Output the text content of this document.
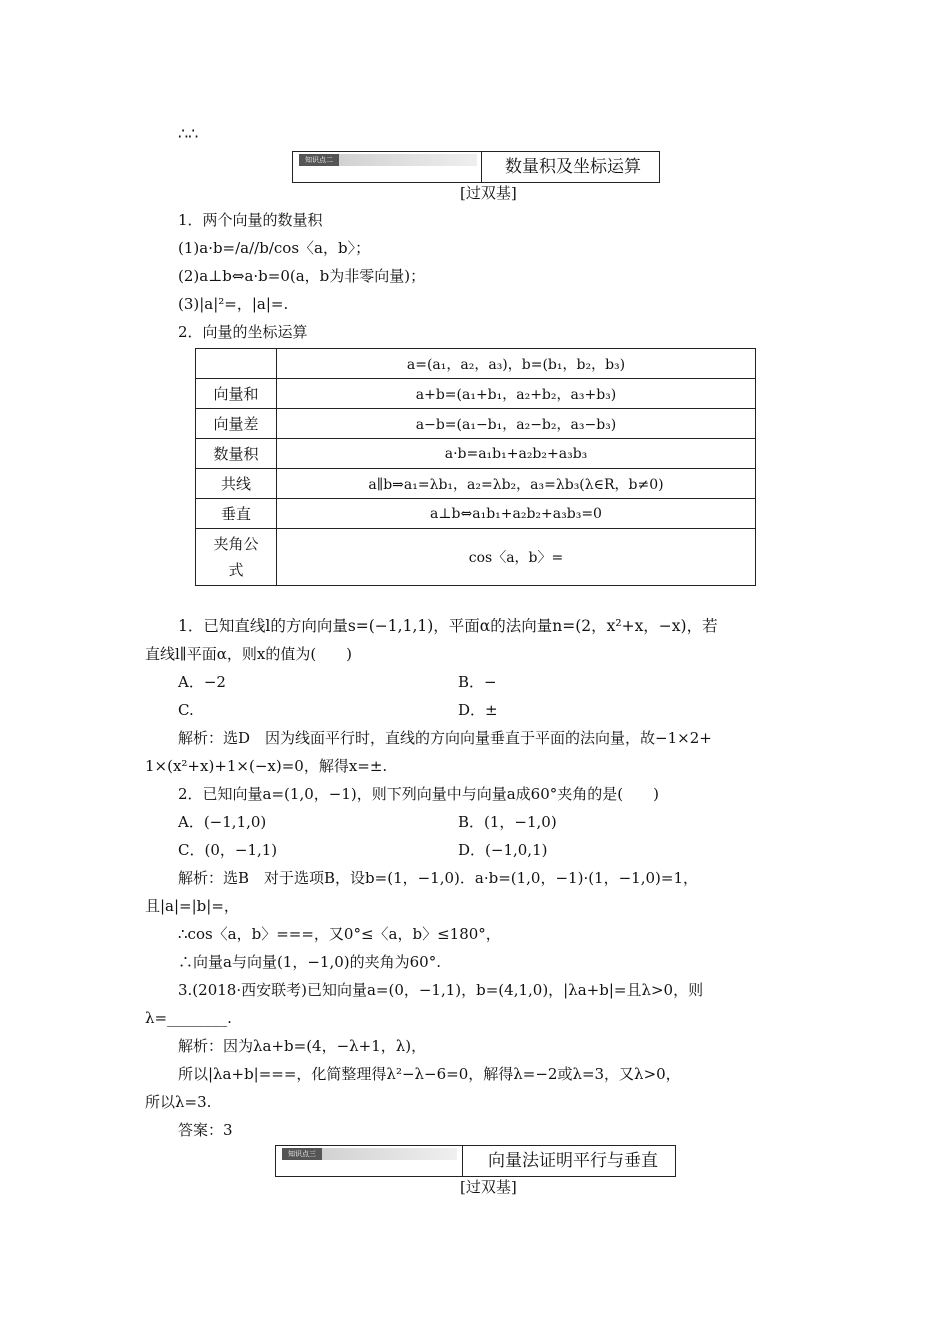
∴∴
知识点二	数量积及坐标运算
[过双基]
1．两个向量的数量积
(1)a·b=/a//b/cos〈a，b〉；
(2)a⊥b⇔a·b=0(a，b为非零向量)；
(3)|a|²=，|a|=.
2．向量的坐标运算
	a=(a₁，a₂，a₃)，b=(b₁，b₂，b₃)
向量和	a+b=(a₁+b₁，a₂+b₂，a₃+b₃)
向量差	a−b=(a₁−b₁，a₂−b₂，a₃−b₃)
数量积	a·b=a₁b₁+a₂b₂+a₃b₃
共线	a∥b⇒a₁=λb₁，a₂=λb₂，a₃=λb₃(λ∈R，b≠0)
垂直	a⊥b⇔a₁b₁+a₂b₂+a₃b₃=0
夹角公
式	cos〈a，b〉=
1．已知直线l的方向向量s=(−1,1,1)，平面α的法向量n=(2，x²+x，−x)，若
直线l∥平面α，则x的值为(　　)
A．−2	B．−
C.	D．±
解析：选D　因为线面平行时，直线的方向向量垂直于平面的法向量，故−1×2+
1×(x²+x)+1×(−x)=0，解得x=±.
2．已知向量a=(1,0，−1)，则下列向量中与向量a成60°夹角的是(　　)
A．(−1,1,0)	B．(1，−1,0)
C．(0，−1,1)	D．(−1,0,1)
解析：选B　对于选项B，设b=(1，−1,0)．a·b=(1,0，−1)·(1，−1,0)=1，
且|a|=|b|=，
∴cos〈a，b〉===，又0°≤〈a，b〉≤180°，
∴向量a与向量(1，−1,0)的夹角为60°.
3.(2018·西安联考)已知向量a=(0，−1,1)，b=(4,1,0)，|λa+b|=且λ>0，则
λ=________.
解析：因为λa+b=(4，−λ+1，λ)，
所以|λa+b|===，化简整理得λ²−λ−6=0，解得λ=−2或λ=3，又λ>0，
所以λ=3.
答案：3
知识点三	向量法证明平行与垂直
[过双基]
